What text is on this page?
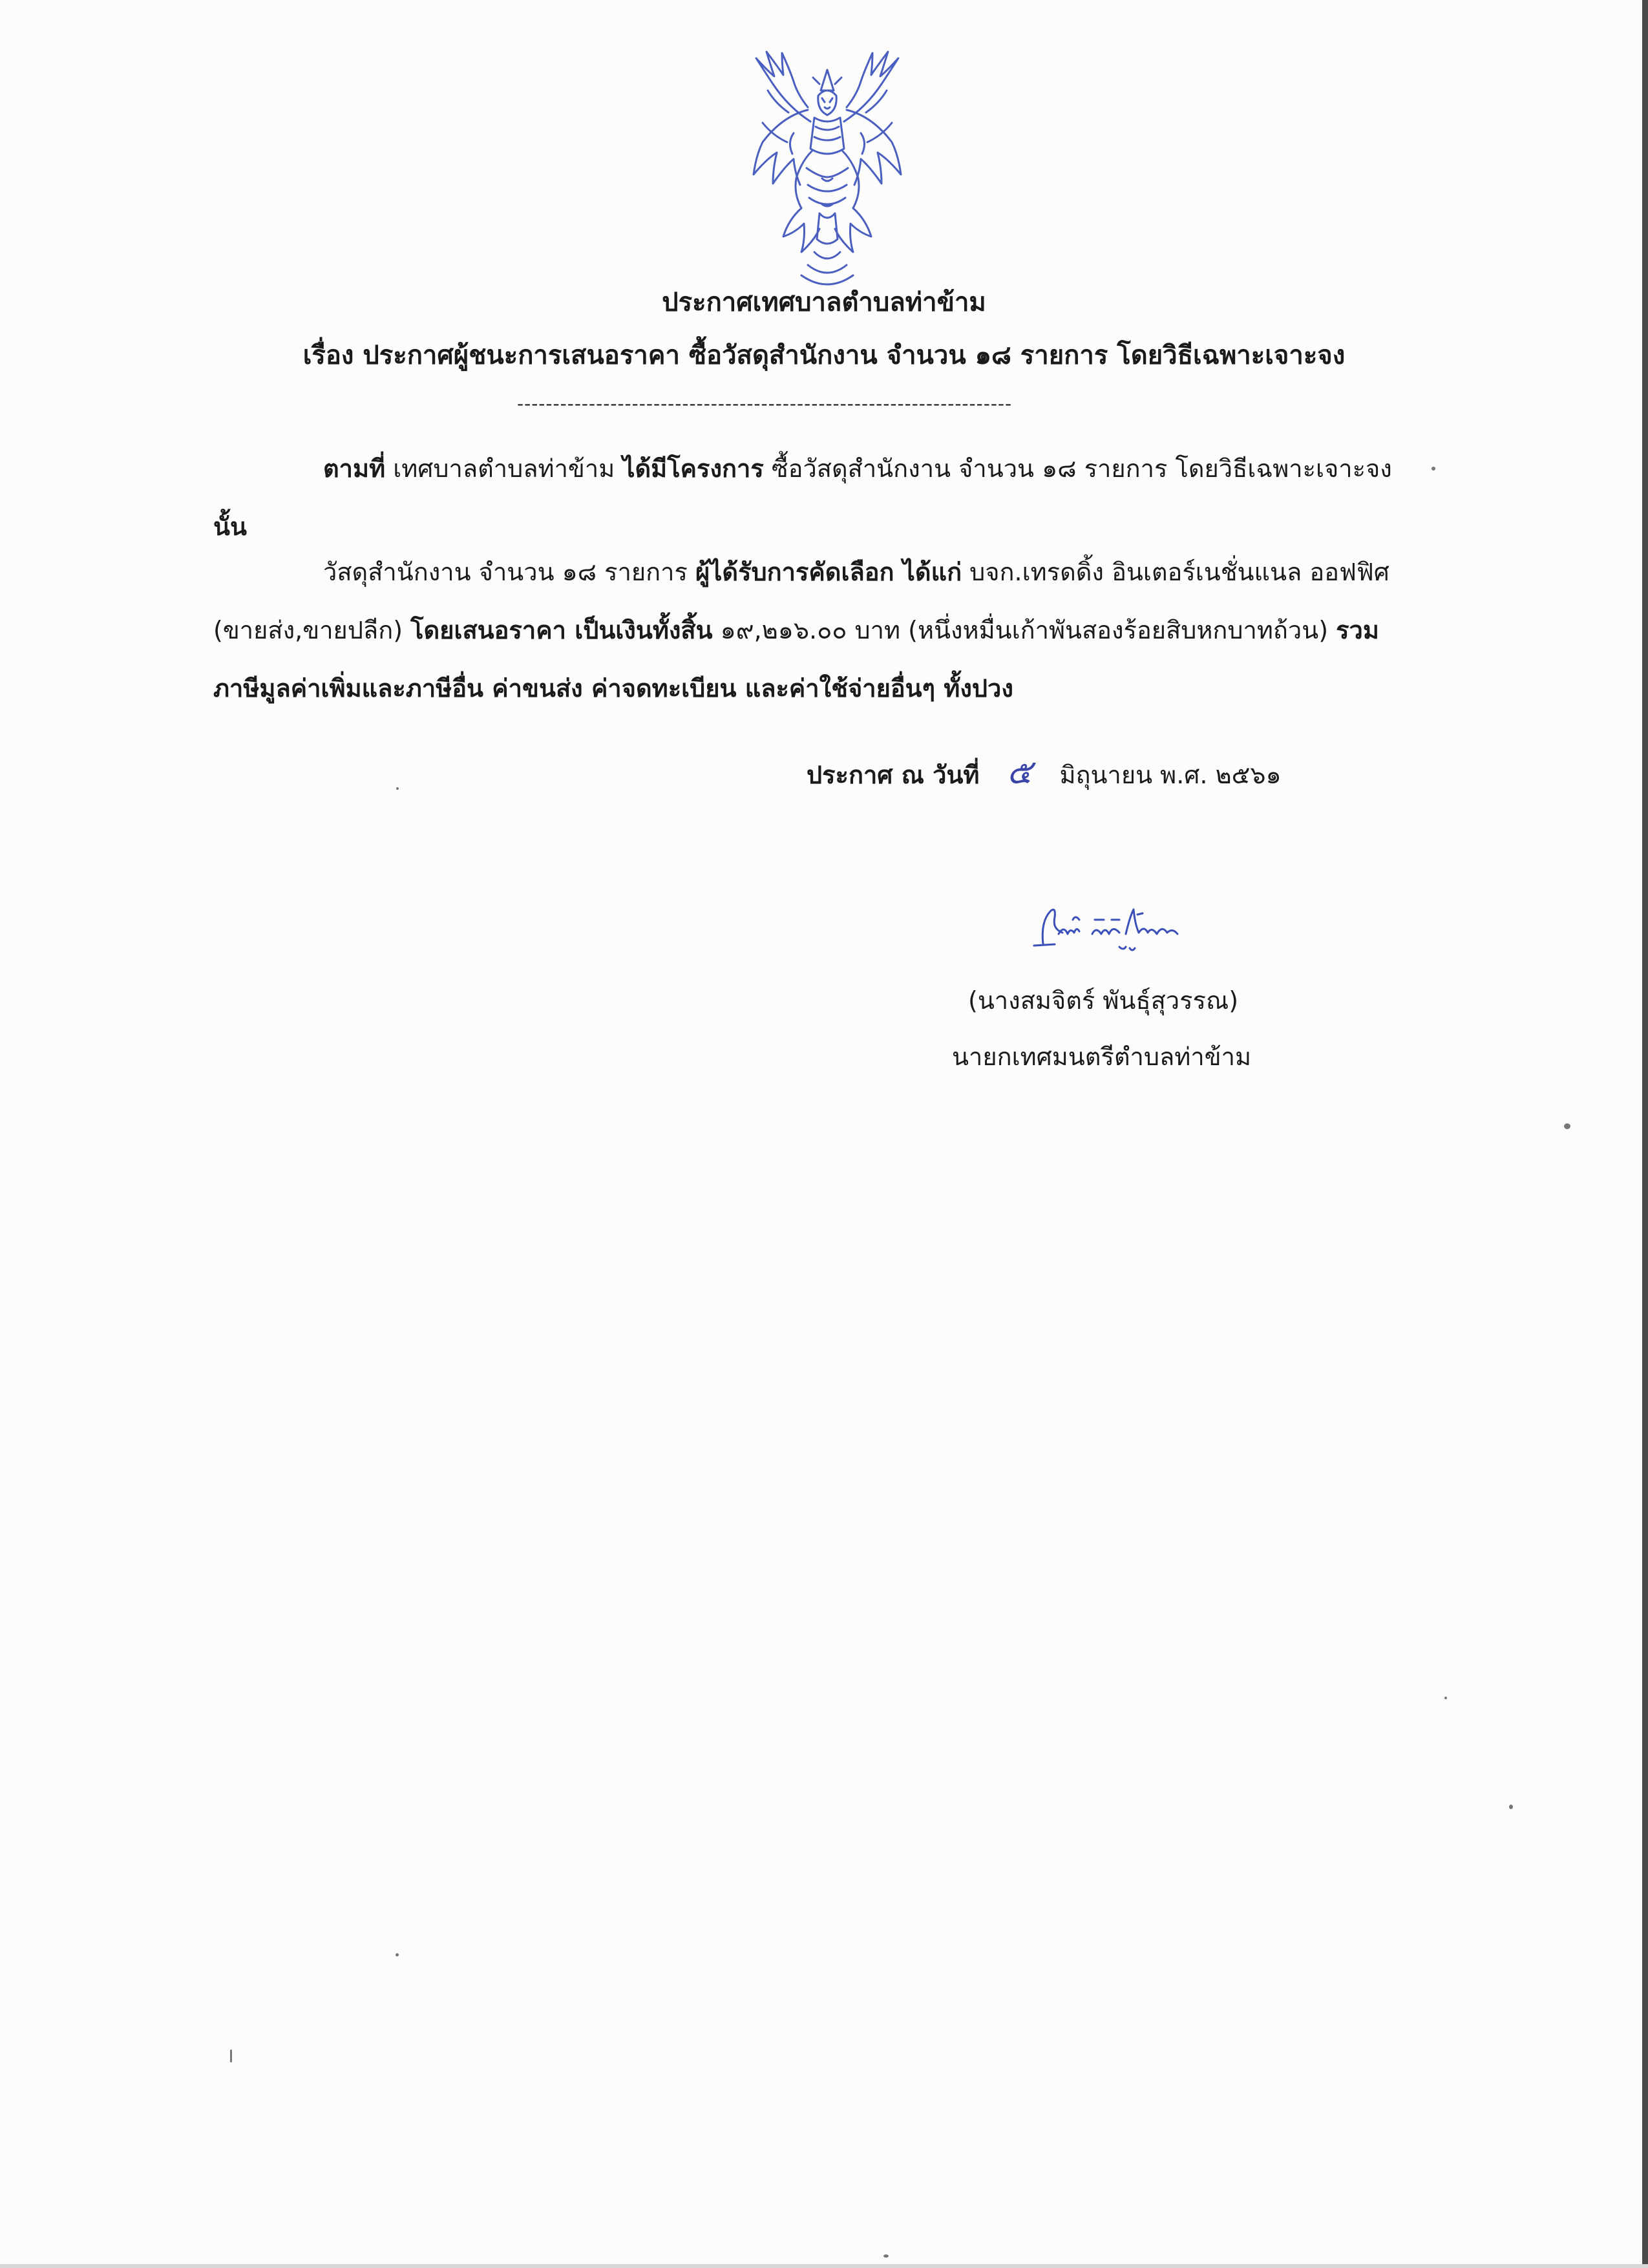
ประกาศเทศบาลตำบลท่าข้าม
เรื่อง ประกาศผู้ชนะการเสนอราคา ซื้อวัสดุสำนักงาน จำนวน ๑๘ รายการ โดยวิธีเฉพาะเจาะจง
---------------------------------------------------------------------
ตามที่ เทศบาลตำบลท่าข้าม ได้มีโครงการ ซื้อวัสดุสำนักงาน จำนวน ๑๘ รายการ โดยวิธีเฉพาะเจาะจง นั้น
วัสดุสำนักงาน จำนวน ๑๘ รายการ ผู้ได้รับการคัดเลือก ได้แก่ บจก.เทรดดิ้ง อินเตอร์เนชั่นแนล ออฟฟิศ (ขายส่ง,ขายปลีก) โดยเสนอราคา เป็นเงินทั้งสิ้น ๑๙,๒๑๖.๐๐ บาท (หนึ่งหมื่นเก้าพันสองร้อยสิบหกบาทถ้วน) รวมภาษีมูลค่าเพิ่มและภาษีอื่น ค่าขนส่ง ค่าจดทะเบียน และค่าใช้จ่ายอื่นๆ ทั้งปวง
ประกาศ ณ วันที่ ๕ มิถุนายน พ.ศ. ๒๕๖๑
(นางสมจิตร์ พันธุ์สุวรรณ)
นายกเทศมนตรีตำบลท่าข้าม
